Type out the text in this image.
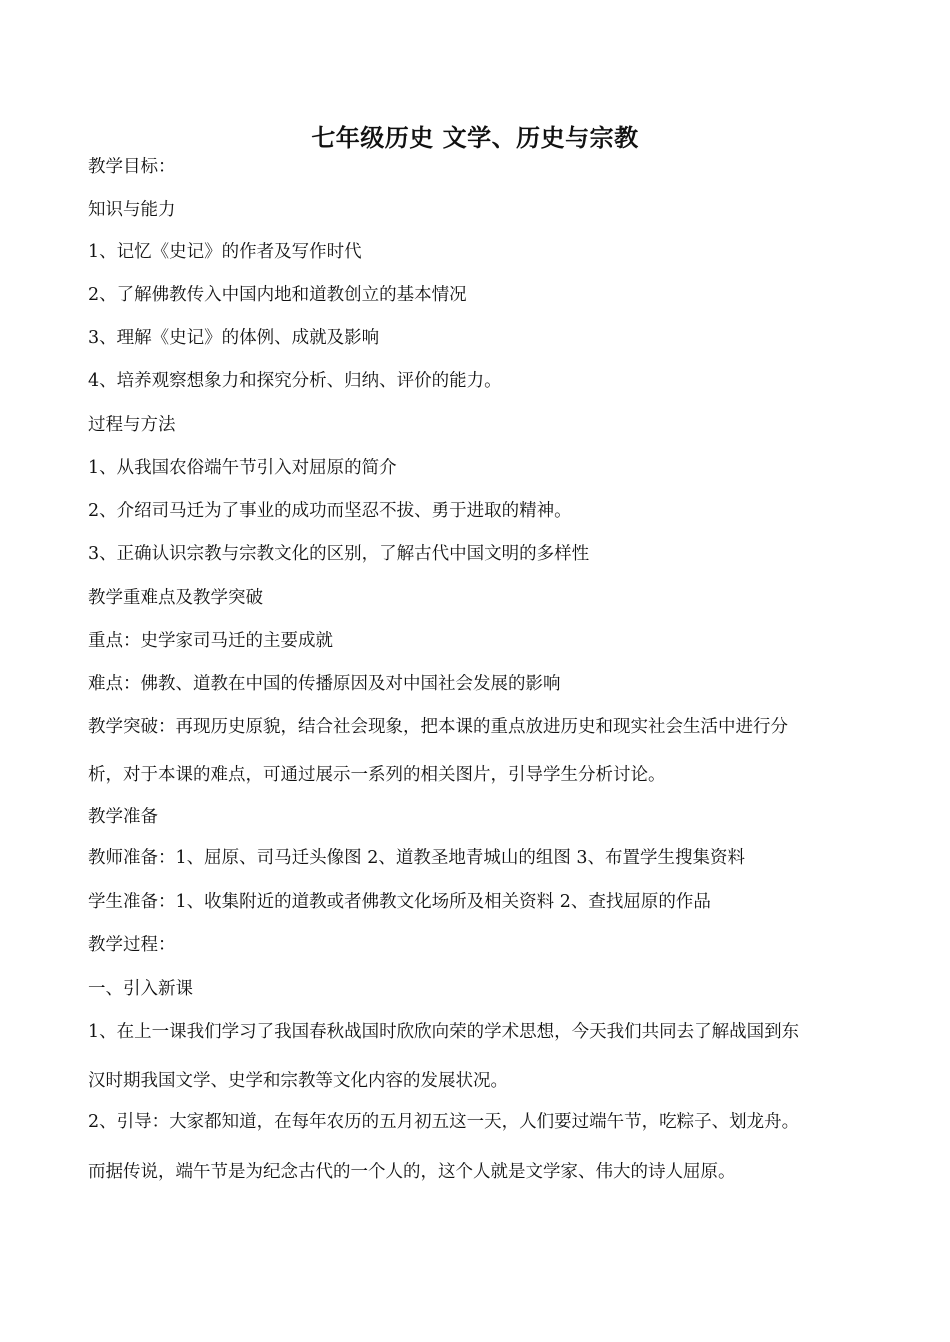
七年级历史 文学、历史与宗教
教学目标：
知识与能力
1、记忆《史记》的作者及写作时代
2、了解佛教传入中国内地和道教创立的基本情况
3、理解《史记》的体例、成就及影响
4、培养观察想象力和探究分析、归纳、评价的能力。
过程与方法
1、从我国农俗端午节引入对屈原的简介
2、介绍司马迁为了事业的成功而坚忍不拔、勇于进取的精神。
3、正确认识宗教与宗教文化的区别，了解古代中国文明的多样性
教学重难点及教学突破
重点：史学家司马迁的主要成就
难点：佛教、道教在中国的传播原因及对中国社会发展的影响
教学突破：再现历史原貌，结合社会现象，把本课的重点放进历史和现实社会生活中进行分
析，对于本课的难点，可通过展示一系列的相关图片，引导学生分析讨论。
教学准备
教师准备：1、屈原、司马迁头像图 2、道教圣地青城山的组图 3、布置学生搜集资料
学生准备：1、收集附近的道教或者佛教文化场所及相关资料 2、查找屈原的作品
教学过程：
一、引入新课
1、在上一课我们学习了我国春秋战国时欣欣向荣的学术思想，今天我们共同去了解战国到东
汉时期我国文学、史学和宗教等文化内容的发展状况。
2、引导：大家都知道，在每年农历的五月初五这一天，人们要过端午节，吃粽子、划龙舟。
而据传说，端午节是为纪念古代的一个人的，这个人就是文学家、伟大的诗人屈原。
